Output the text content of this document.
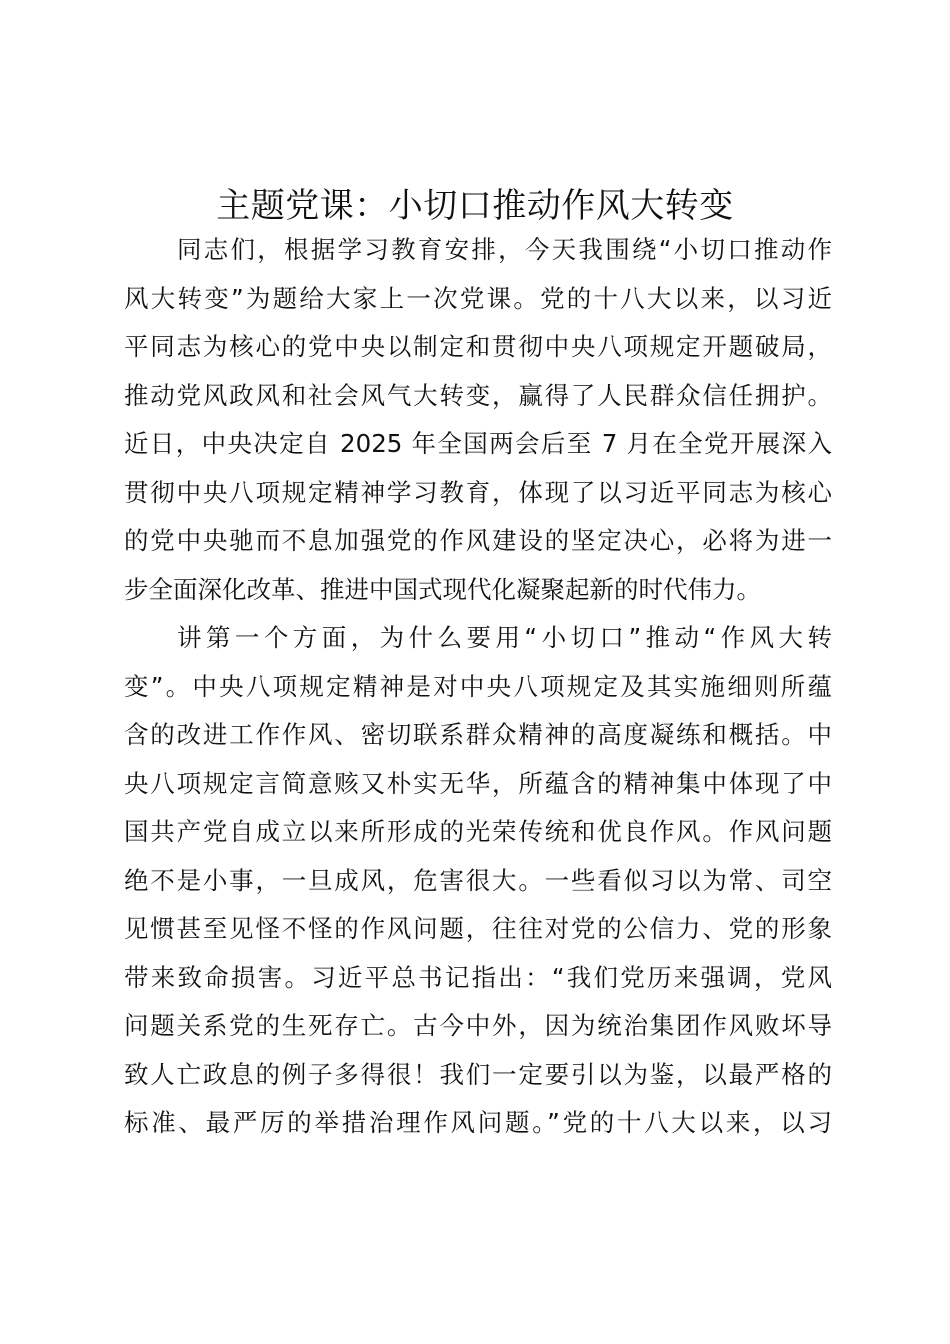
主题党课：小切口推动作风大转变
同志们，根据学习教育安排，今天我围绕“小切口推动作
风大转变”为题给大家上一次党课。党的十八大以来，以习近
平同志为核心的党中央以制定和贯彻中央八项规定开题破局，
推动党风政风和社会风气大转变，赢得了人民群众信任拥护。
近日，中央决定自 2025 年全国两会后至 7 月在全党开展深入
贯彻中央八项规定精神学习教育，体现了以习近平同志为核心
的党中央驰而不息加强党的作风建设的坚定决心，必将为进一
步全面深化改革、推进中国式现代化凝聚起新的时代伟力。
讲第一个方面，为什么要用“小切口”推动“作风大转
变”。中央八项规定精神是对中央八项规定及其实施细则所蕴
含的改进工作作风、密切联系群众精神的高度凝练和概括。中
央八项规定言简意赅又朴实无华，所蕴含的精神集中体现了中
国共产党自成立以来所形成的光荣传统和优良作风。作风问题
绝不是小事，一旦成风，危害很大。一些看似习以为常、司空
见惯甚至见怪不怪的作风问题，往往对党的公信力、党的形象
带来致命损害。习近平总书记指出：“我们党历来强调，党风
问题关系党的生死存亡。古今中外，因为统治集团作风败坏导
致人亡政息的例子多得很！我们一定要引以为鉴，以最严格的
标准、最严厉的举措治理作风问题。”党的十八大以来，以习
